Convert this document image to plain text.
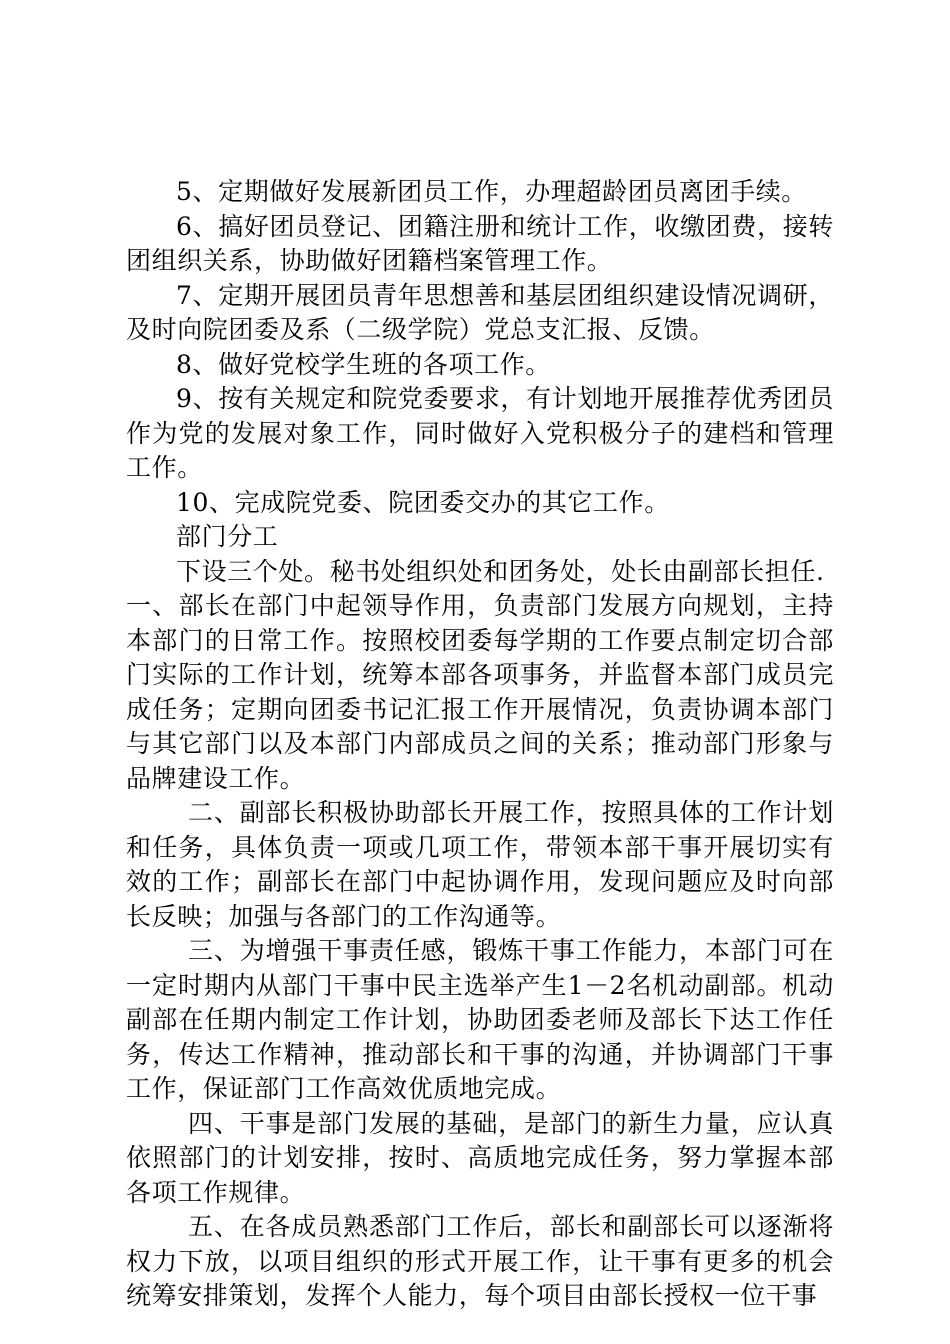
5、定期做好发展新团员工作，办理超龄团员离团手续。

6、搞好团员登记、团籍注册和统计工作，收缴团费，接转团组织关系，协助做好团籍档案管理工作。

7、定期开展团员青年思想善和基层团组织建设情况调研，及时向院团委及系（二级学院）党总支汇报、反馈。

8、做好党校学生班的各项工作。

9、按有关规定和院党委要求，有计划地开展推荐优秀团员作为党的发展对象工作，同时做好入党积极分子的建档和管理工作。

10、完成院党委、院团委交办的其它工作。

部门分工

下设三个处。秘书处组织处和团务处，处长由副部长担任.

一、部长在部门中起领导作用，负责部门发展方向规划，主持本部门的日常工作。按照校团委每学期的工作要点制定切合部门实际的工作计划，统筹本部各项事务，并监督本部门成员完成任务；定期向团委书记汇报工作开展情况，负责协调本部门与其它部门以及本部门内部成员之间的关系；推动部门形象与品牌建设工作。

二、副部长积极协助部长开展工作，按照具体的工作计划和任务，具体负责一项或几项工作，带领本部干事开展切实有效的工作；副部长在部门中起协调作用，发现问题应及时向部长反映；加强与各部门的工作沟通等。

三、为增强干事责任感，锻炼干事工作能力，本部门可在一定时期内从部门干事中民主选举产生1－2名机动副部。机动副部在任期内制定工作计划，协助团委老师及部长下达工作任务，传达工作精神，推动部长和干事的沟通，并协调部门干事工作，保证部门工作高效优质地完成。

四、干事是部门发展的基础，是部门的新生力量，应认真依照部门的计划安排，按时、高质地完成任务，努力掌握本部各项工作规律。

五、在各成员熟悉部门工作后，部长和副部长可以逐渐将权力下放，以项目组织的形式开展工作，让干事有更多的机会统筹安排策划，发挥个人能力，每个项目由部长授权一位干事
